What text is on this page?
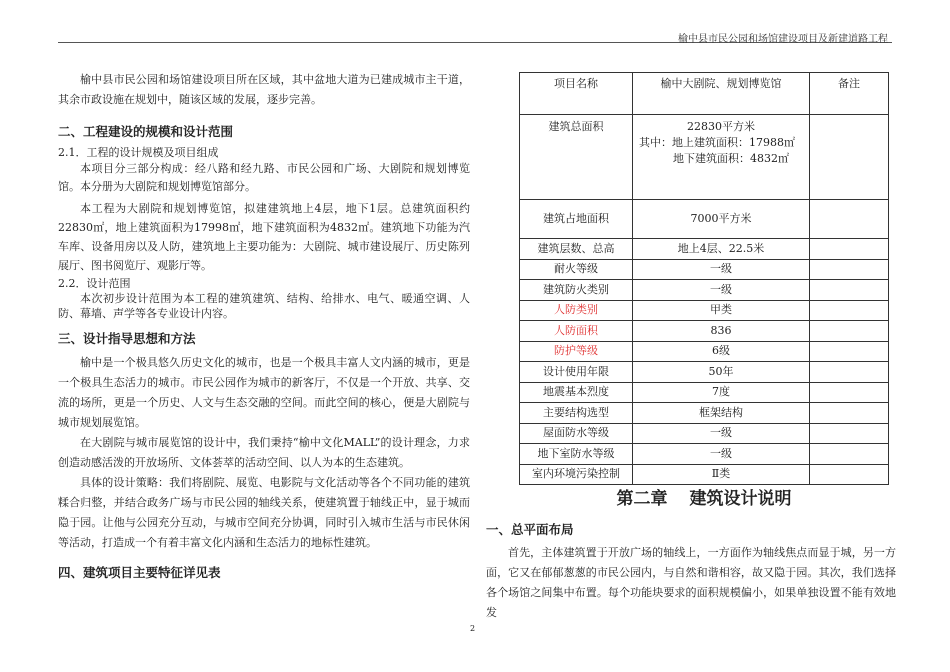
榆中县市民公园和场馆建设项目及新建道路工程

榆中县市民公园和场馆建设项目所在区域，其中盆地大道为已建成城市主干道，其余市政设施在规划中，随该区域的发展，逐步完善。

二、工程建设的规模和设计范围
2.1．工程的设计规模及项目组成

本项目分三部分构成：经八路和经九路、市民公园和广场、大剧院和规划博览馆。本分册为大剧院和规划博览馆部分。

本工程为大剧院和规划博览馆，拟建建筑地上4层，地下1层。总建筑面积约22830㎡，地上建筑面积为17998㎡，地下建筑面积为4832㎡。建筑地下功能为汽车库、设备用房以及人防，建筑地上主要功能为：大剧院、城市建设展厅、历史陈列展厅、图书阅览厅、观影厅等。

2.2．设计范围

本次初步设计范围为本工程的建筑建筑、结构、给排水、电气、暖通空调、人防、幕墙、声学等各专业设计内容。

三、设计指导思想和方法

榆中是一个极具悠久历史文化的城市，也是一个极具丰富人文内涵的城市，更是一个极具生态活力的城市。市民公园作为城市的新客厅，不仅是一个开放、共享、交流的场所，更是一个历史、人文与生态交融的空间。而此空间的核心，便是大剧院与城市规划展览馆。

在大剧院与城市展览馆的设计中，我们秉持“榆中文化MALL”的设计理念，力求创造动感活泼的开放场所、文体荟萃的活动空间、以人为本的生态建筑。

具体的设计策略：我们将剧院、展览、电影院与文化活动等各个不同功能的建筑糅合归整，并结合政务广场与市民公园的轴线关系，使建筑置于轴线正中，显于城而隐于园。让他与公园充分互动，与城市空间充分协调，同时引入城市生活与市民休闲等活动，打造成一个有着丰富文化内涵和生态活力的地标性建筑。

四、建筑项目主要特征详见表
项目名称	榆中大剧院、规划博览馆	备注
建筑总面积	22830平方米
其中：地上建筑面积：17988㎡
地下建筑面积：4832㎡	

建筑占地面积	7000平方米	
建筑层数、总高	地上4层、22.5米	
耐火等级	一级	
建筑防火类别	一级	
人防类别	甲类	
人防面积	836	
防护等级	6级	
设计使用年限	50年	
地震基本烈度	7度	
主要结构选型	框架结构	
屋面防水等级	一级	
地下室防水等级	一级	
室内环境污染控制	Ⅱ类	
第二章 建筑设计说明
一、总平面布局

首先，主体建筑置于开放广场的轴线上，一方面作为轴线焦点而显于城，另一方面，它又在郁郁葱葱的市民公园内，与自然和谐相容，故又隐于园。其次，我们选择各个场馆之间集中布置。每个功能块要求的面积规模偏小，如果单独设置不能有效地发

2
